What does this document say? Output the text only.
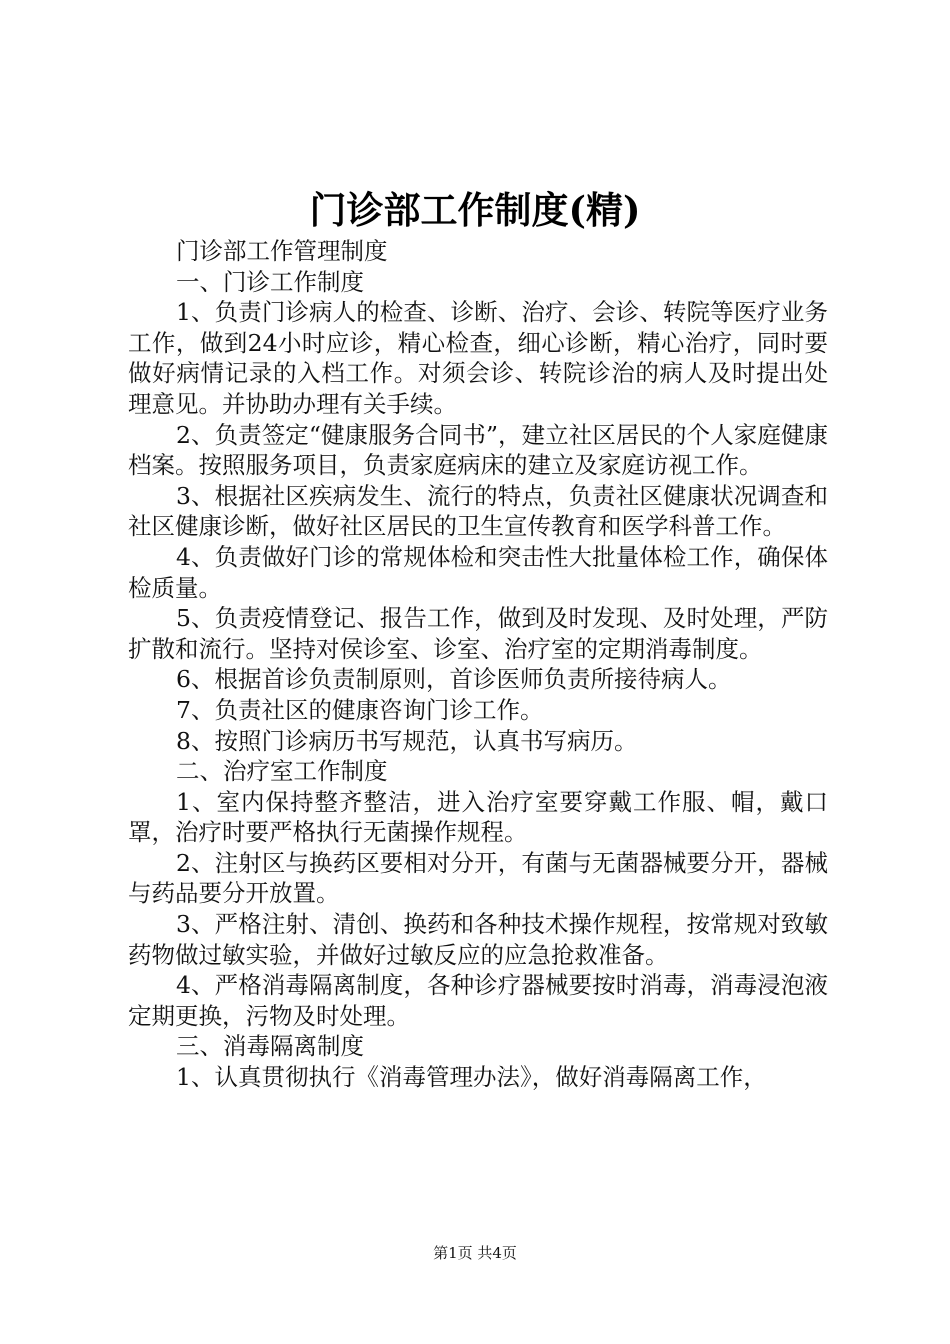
门诊部工作制度(精)

门诊部工作管理制度

一、门诊工作制度

1、负责门诊病人的检查、诊断、治疗、会诊、转院等医疗业务工作，做到24小时应诊，精心检查，细心诊断，精心治疗，同时要做好病情记录的入档工作。对须会诊、转院诊治的病人及时提出处理意见。并协助办理有关手续。

2、负责签定“健康服务合同书”，建立社区居民的个人家庭健康档案。按照服务项目，负责家庭病床的建立及家庭访视工作。

3、根据社区疾病发生、流行的特点，负责社区健康状况调查和社区健康诊断，做好社区居民的卫生宣传教育和医学科普工作。

4、负责做好门诊的常规体检和突击性大批量体检工作，确保体检质量。

5、负责疫情登记、报告工作，做到及时发现、及时处理，严防扩散和流行。坚持对侯诊室、诊室、治疗室的定期消毒制度。

6、根据首诊负责制原则，首诊医师负责所接待病人。

7、负责社区的健康咨询门诊工作。

8、按照门诊病历书写规范，认真书写病历。

二、治疗室工作制度

1、室内保持整齐整洁，进入治疗室要穿戴工作服、帽，戴口罩，治疗时要严格执行无菌操作规程。

2、注射区与换药区要相对分开，有菌与无菌器械要分开，器械与药品要分开放置。

3、严格注射、清创、换药和各种技术操作规程，按常规对致敏药物做过敏实验，并做好过敏反应的应急抢救准备。

4、严格消毒隔离制度，各种诊疗器械要按时消毒，消毒浸泡液定期更换，污物及时处理。

三、消毒隔离制度

1、认真贯彻执行《消毒管理办法》，做好消毒隔离工作，

第1页 共4页
